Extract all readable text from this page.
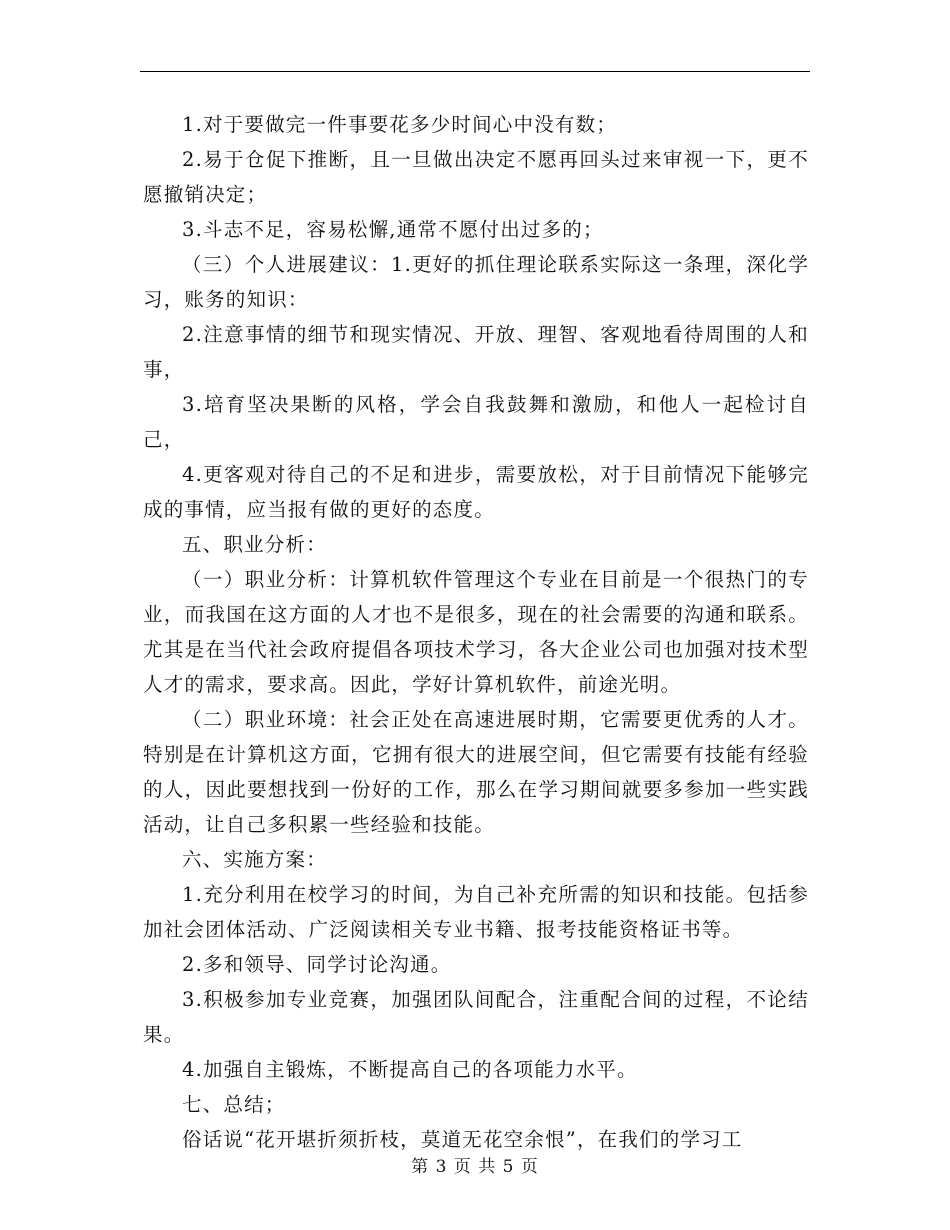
1.对于要做完一件事要花多少时间心中没有数；

2.易于仓促下推断，且一旦做出决定不愿再回头过来审视一下，更不愿撤销决定；

3.斗志不足，容易松懈,通常不愿付出过多的；

（三）个人进展建议：1.更好的抓住理论联系实际这一条理，深化学习，账务的知识：

2.注意事情的细节和现实情况、开放、理智、客观地看待周围的人和事，

3.培育坚决果断的风格，学会自我鼓舞和激励，和他人一起检讨自己，

4.更客观对待自己的不足和进步，需要放松，对于目前情况下能够完成的事情，应当报有做的更好的态度。

五、职业分析：

（一）职业分析：计算机软件管理这个专业在目前是一个很热门的专业，而我国在这方面的人才也不是很多，现在的社会需要的沟通和联系。尤其是在当代社会政府提倡各项技术学习，各大企业公司也加强对技术型人才的需求，要求高。因此，学好计算机软件，前途光明。

（二）职业环境：社会正处在高速进展时期，它需要更优秀的人才。特别是在计算机这方面，它拥有很大的进展空间，但它需要有技能有经验的人，因此要想找到一份好的工作，那么在学习期间就要多参加一些实践活动，让自己多积累一些经验和技能。

六、实施方案：

1.充分利用在校学习的时间，为自己补充所需的知识和技能。包括参加社会团体活动、广泛阅读相关专业书籍、报考技能资格证书等。

2.多和领导、同学讨论沟通。

3.积极参加专业竞赛，加强团队间配合，注重配合间的过程，不论结果。

4.加强自主锻炼，不断提高自己的各项能力水平。

七、总结；

俗话说“花开堪折须折枝，莫道无花空余恨”，在我们的学习工

第 3 页 共 5 页
